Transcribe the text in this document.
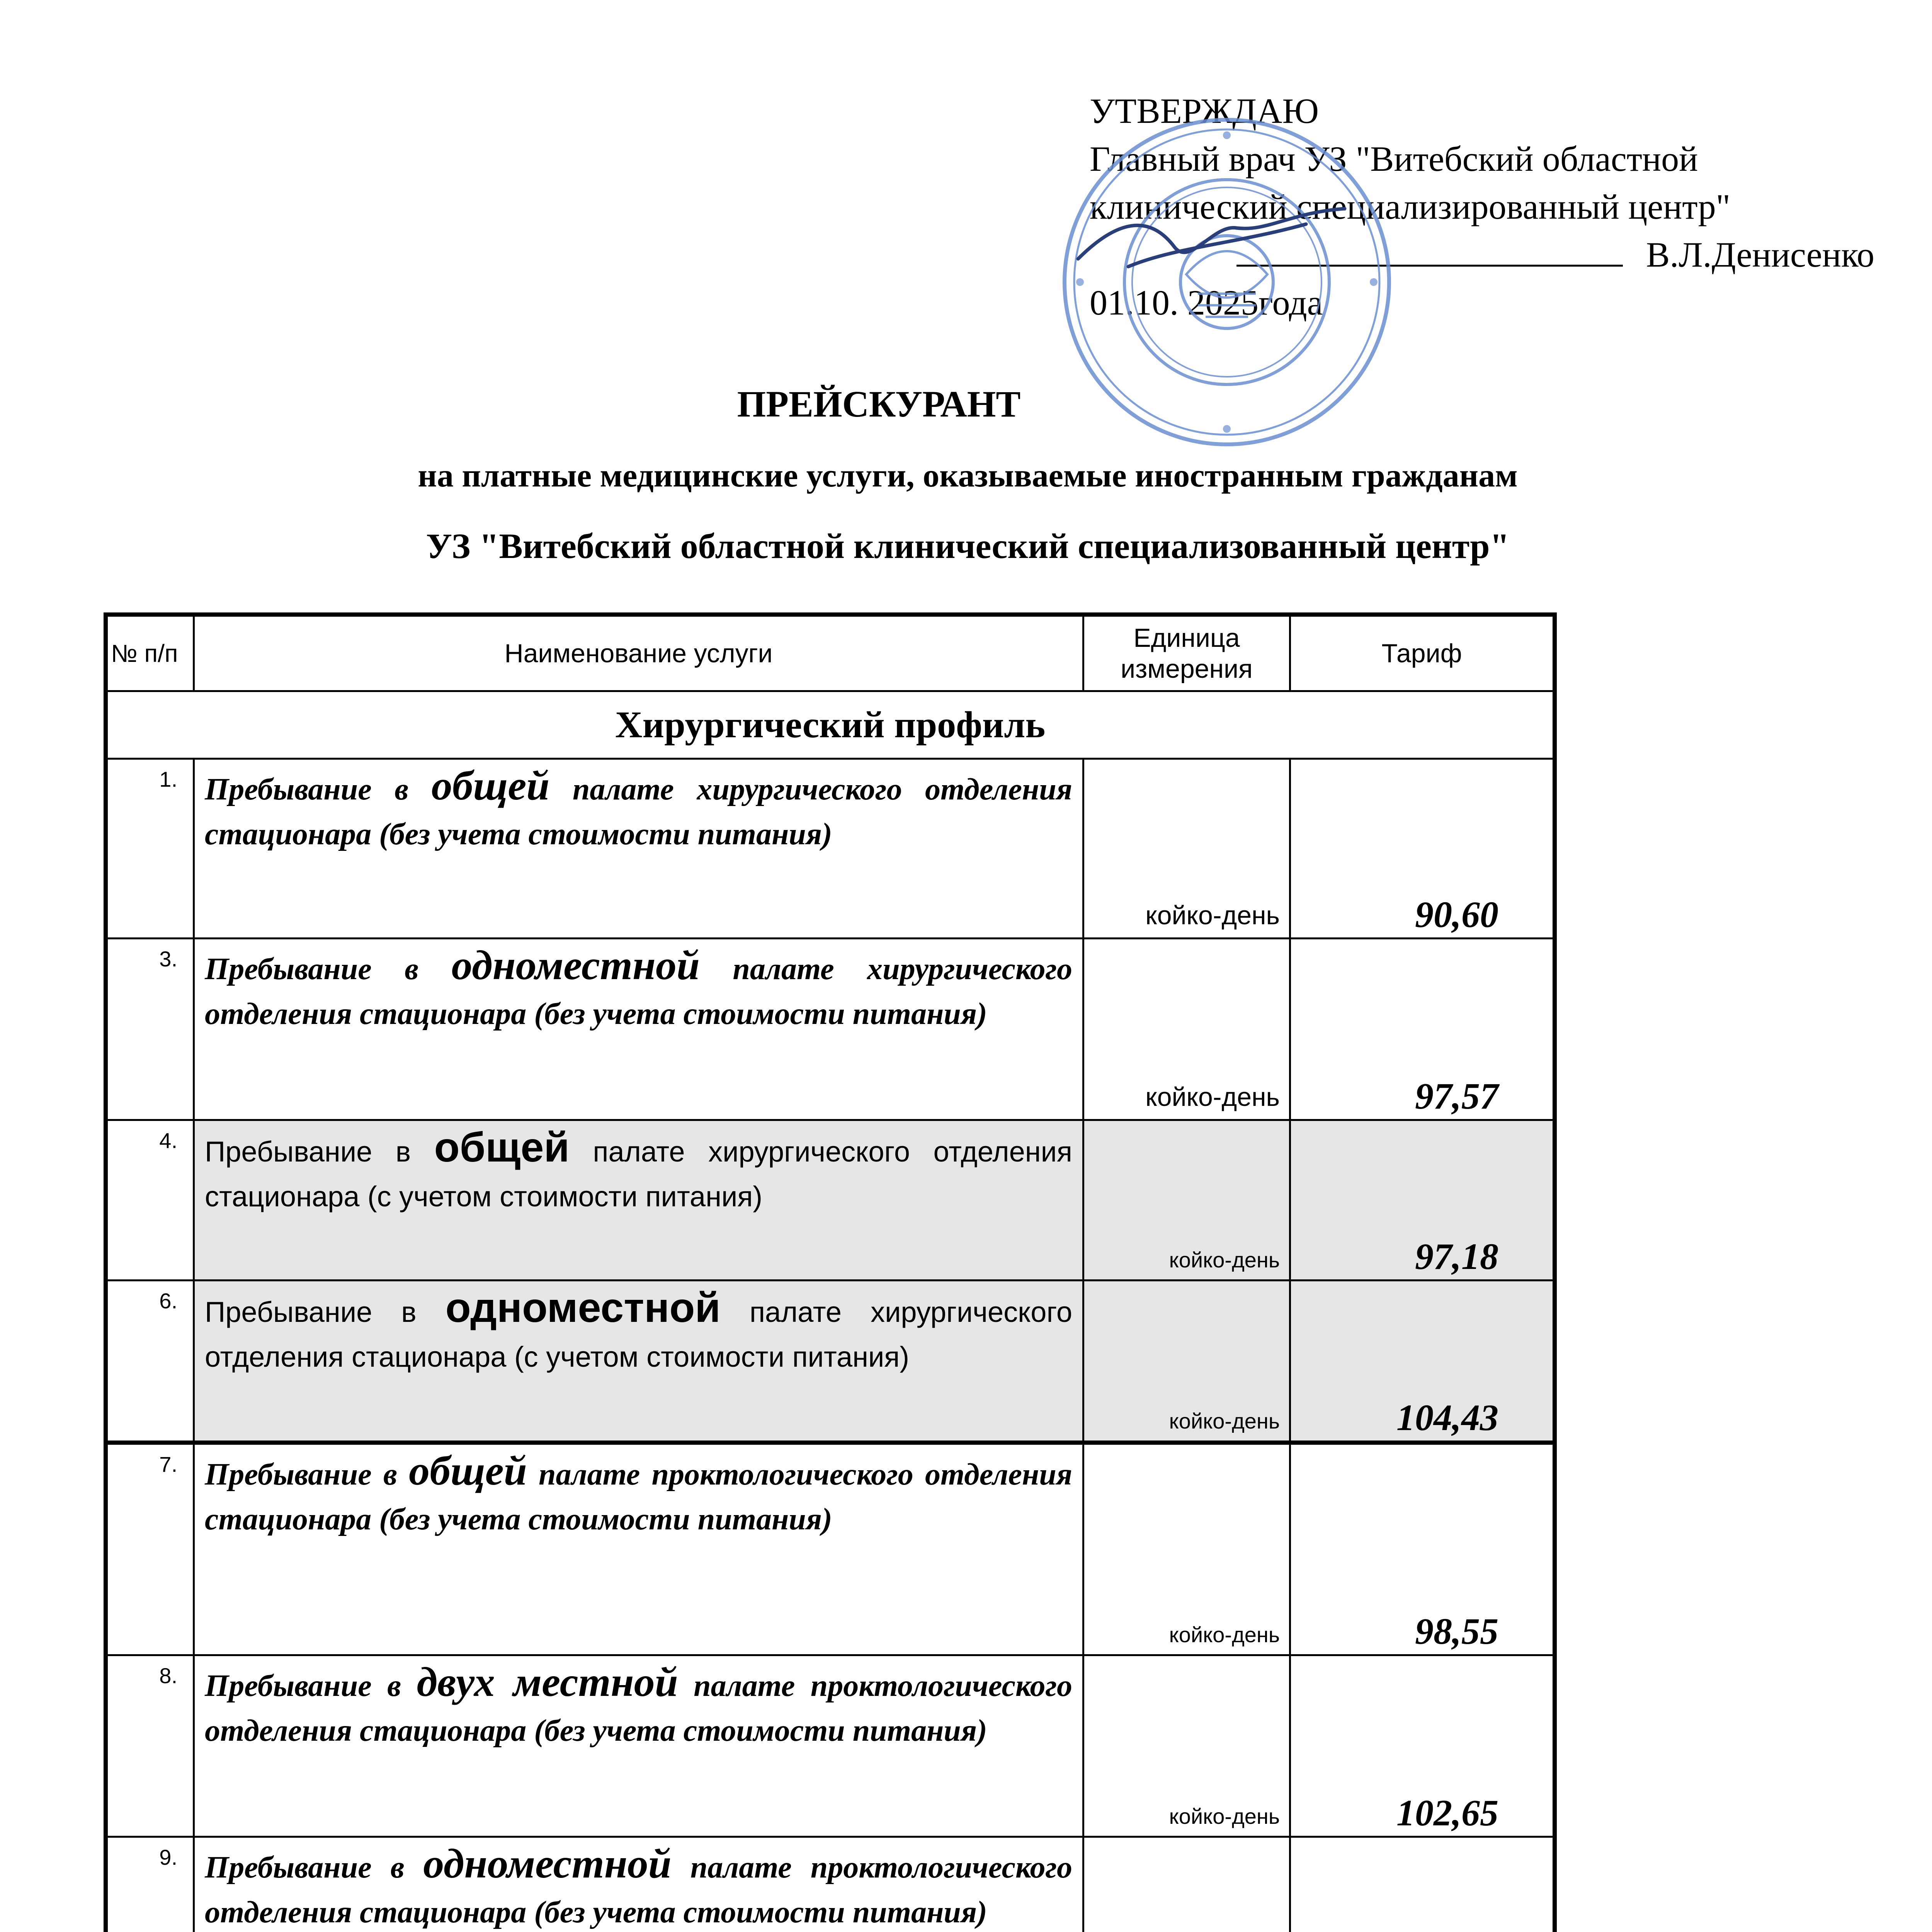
УТВЕРЖДАЮ
Главный врач УЗ "Витебский областной
клинический специализированный центр"
В.Л.Денисенко
01.10. 2025года
ПРЕЙСКУРАНТ
на платные медицинские услуги, оказываемые иностранным гражданам
УЗ "Витебский областной клинический специализованный центр"
№ п/п	Наименование услуги	Единица измерения	Тариф
Хирургический профиль			
1.	Пребывание в общей палате хирургического отделения стационара (без учета стоимости питания)	койко-день	90,60
3.	Пребывание в одноместной палате хирургического отделения стационара (без учета стоимости питания)	койко-день	97,57
4.	Пребывание в общей палате хирургического отделения стационара (с учетом стоимости питания)	койко-день	97,18
6.	Пребывание в одноместной палате хирургического отделения стационара (с учетом стоимости питания)	койко-день	104,43
7.	Пребывание в общей палате проктологического отделения стационара (без учета стоимости питания)	койко-день	98,55
8.	Пребывание в двух местной палате проктологического отделения стационара (без учета стоимости питания)	койко-день	102,65
9.	Пребывание в одноместной палате проктологического отделения стационара (без учета стоимости питания)		
